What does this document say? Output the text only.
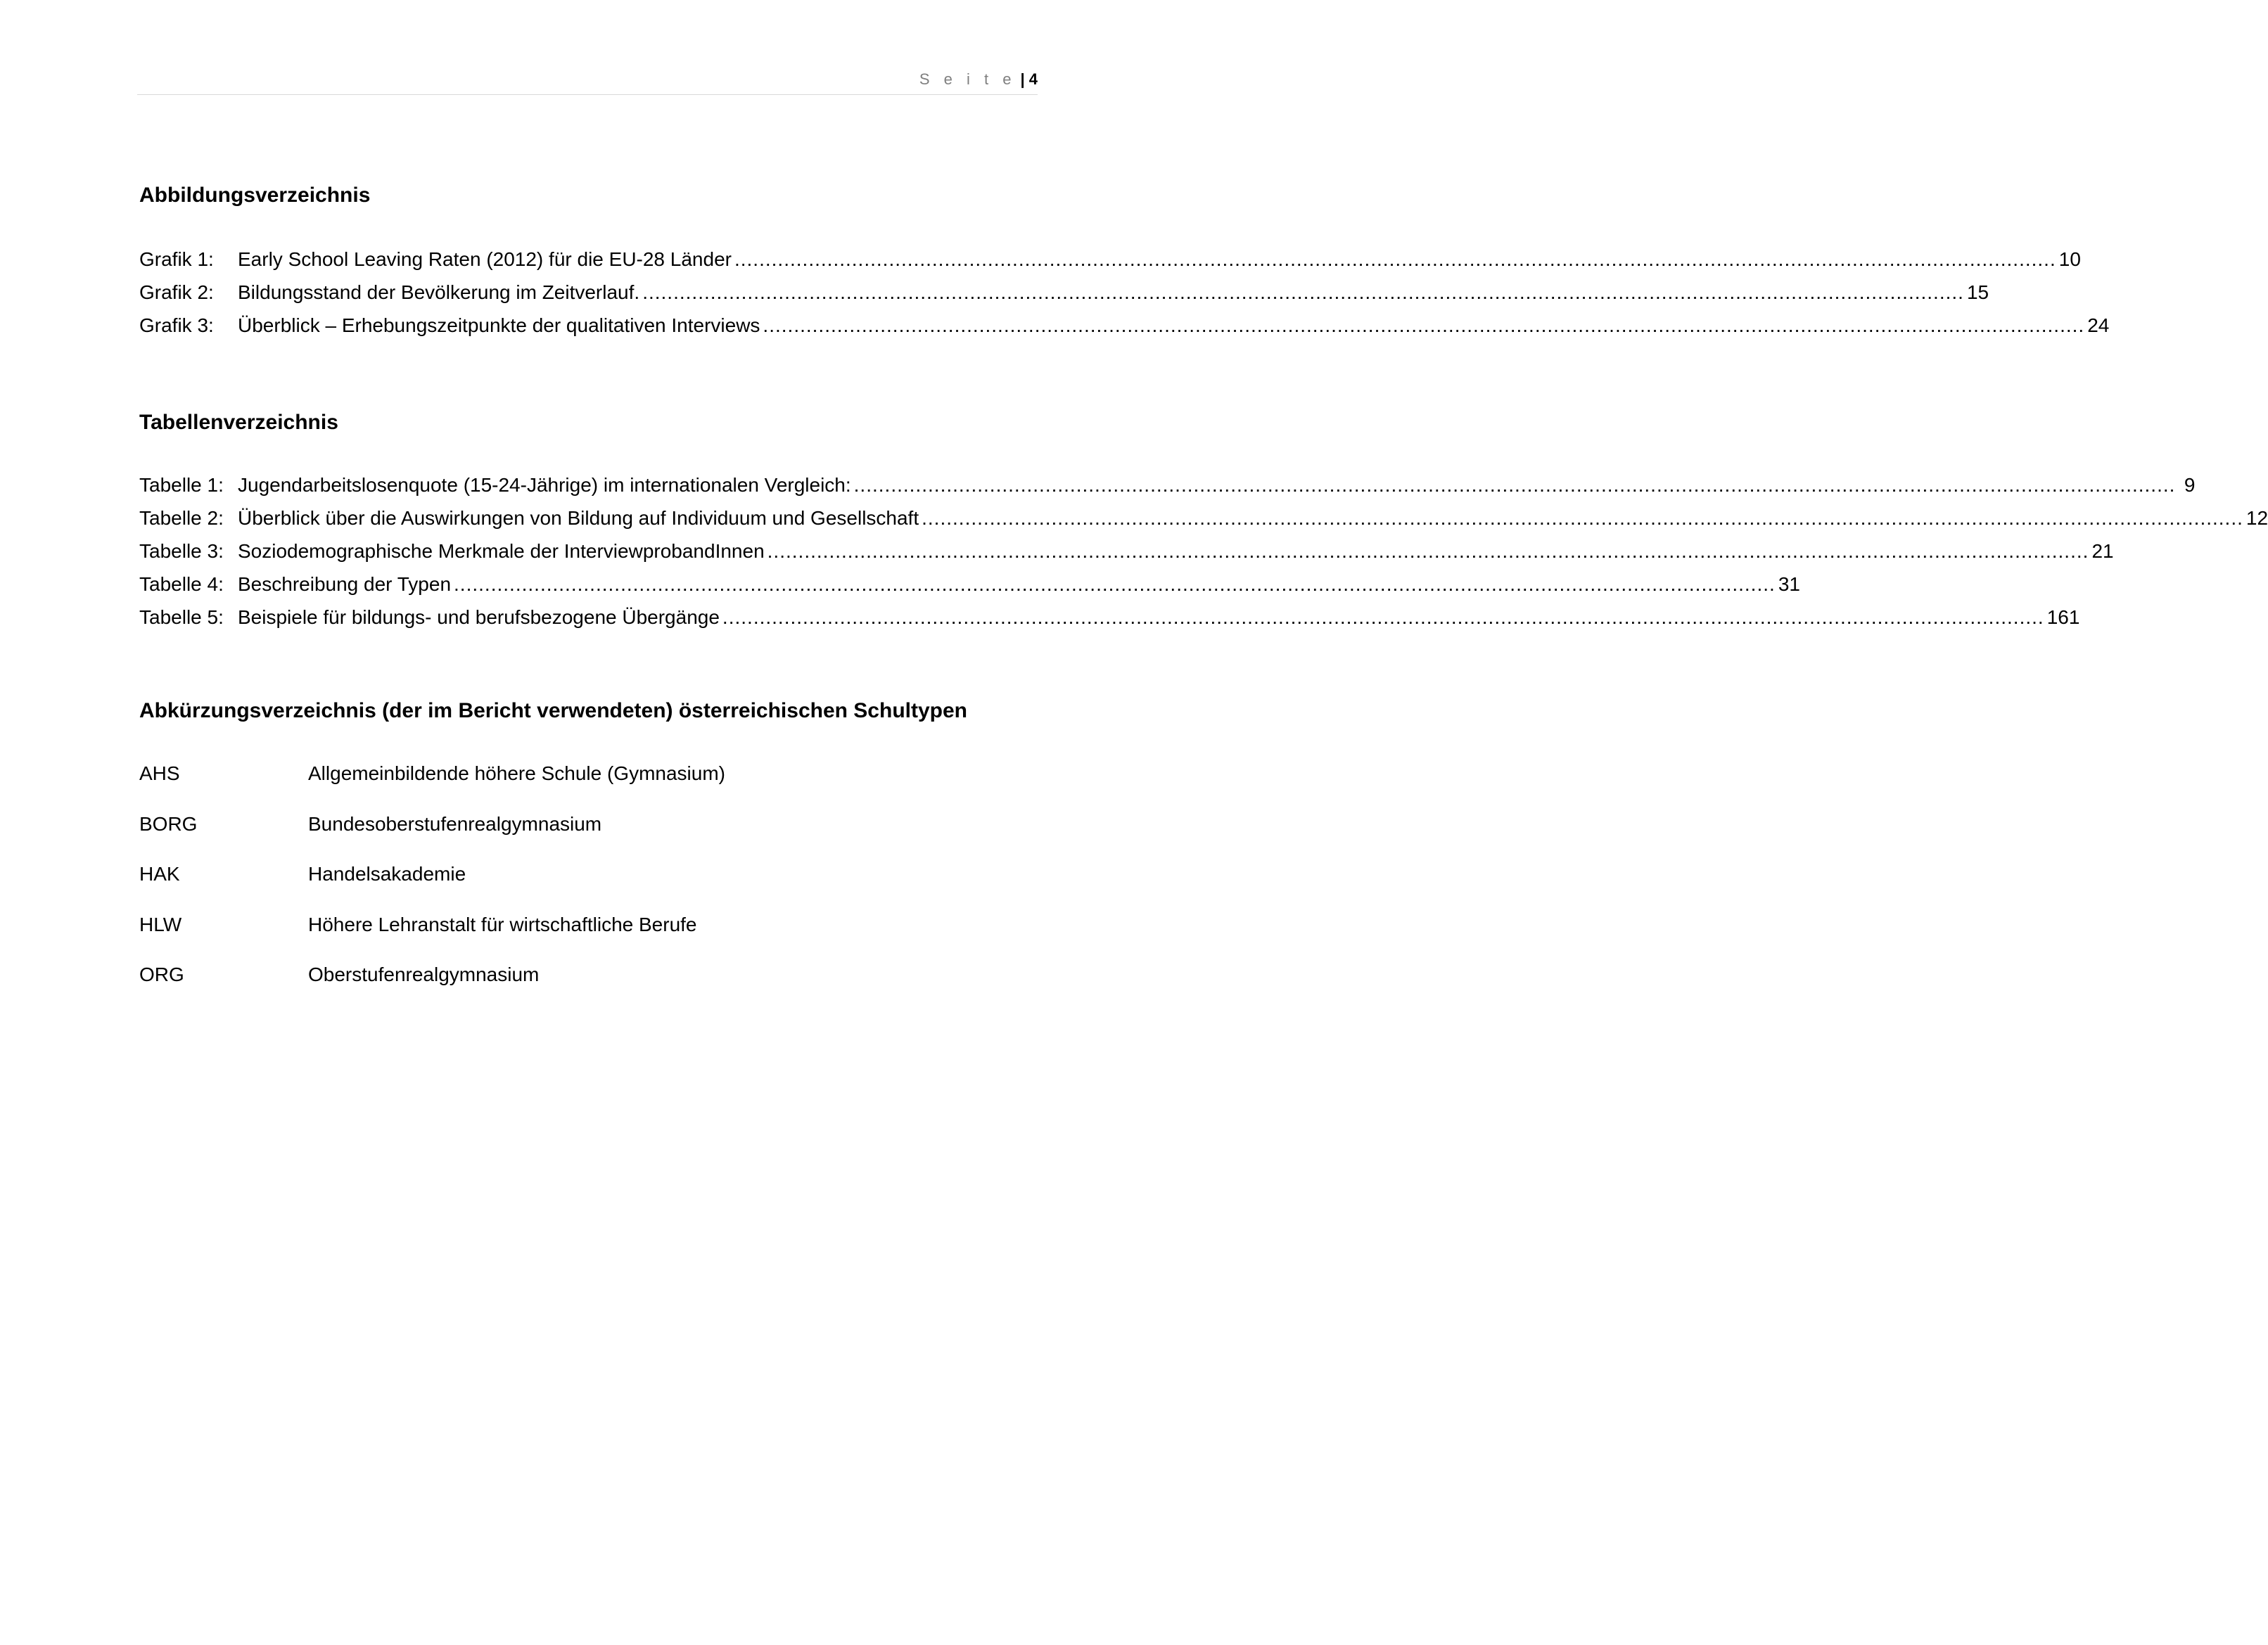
S e i t e | 4
Abbildungsverzeichnis
Grafik 1:	Early School Leaving Raten (2012) für die EU-28 Länder .....	10
Grafik 2:	Bildungsstand der Bevölkerung im Zeitverlauf. .....	15
Grafik 3:	Überblick – Erhebungszeitpunkte der qualitativen Interviews .....	24
Tabellenverzeichnis
Tabelle 1: Jugendarbeitslosenquote (15-24-Jährige) im internationalen Vergleich: .....	9
Tabelle 2: Überblick über die Auswirkungen von Bildung auf Individuum und Gesellschaft .....	12
Tabelle 3: Soziodemographische Merkmale der InterviewprobandInnen .....	21
Tabelle 4: Beschreibung der Typen .....	31
Tabelle 5: Beispiele für bildungs- und berufsbezogene Übergänge .....	161
Abkürzungsverzeichnis (der im Bericht verwendeten) österreichischen Schultypen
AHS	Allgemeinbildende höhere Schule (Gymnasium)
BORG	Bundesoberstufenrealgymnasium
HAK	Handelsakademie
HLW	Höhere Lehranstalt für wirtschaftliche Berufe
ORG	Oberstufenrealgymnasium
